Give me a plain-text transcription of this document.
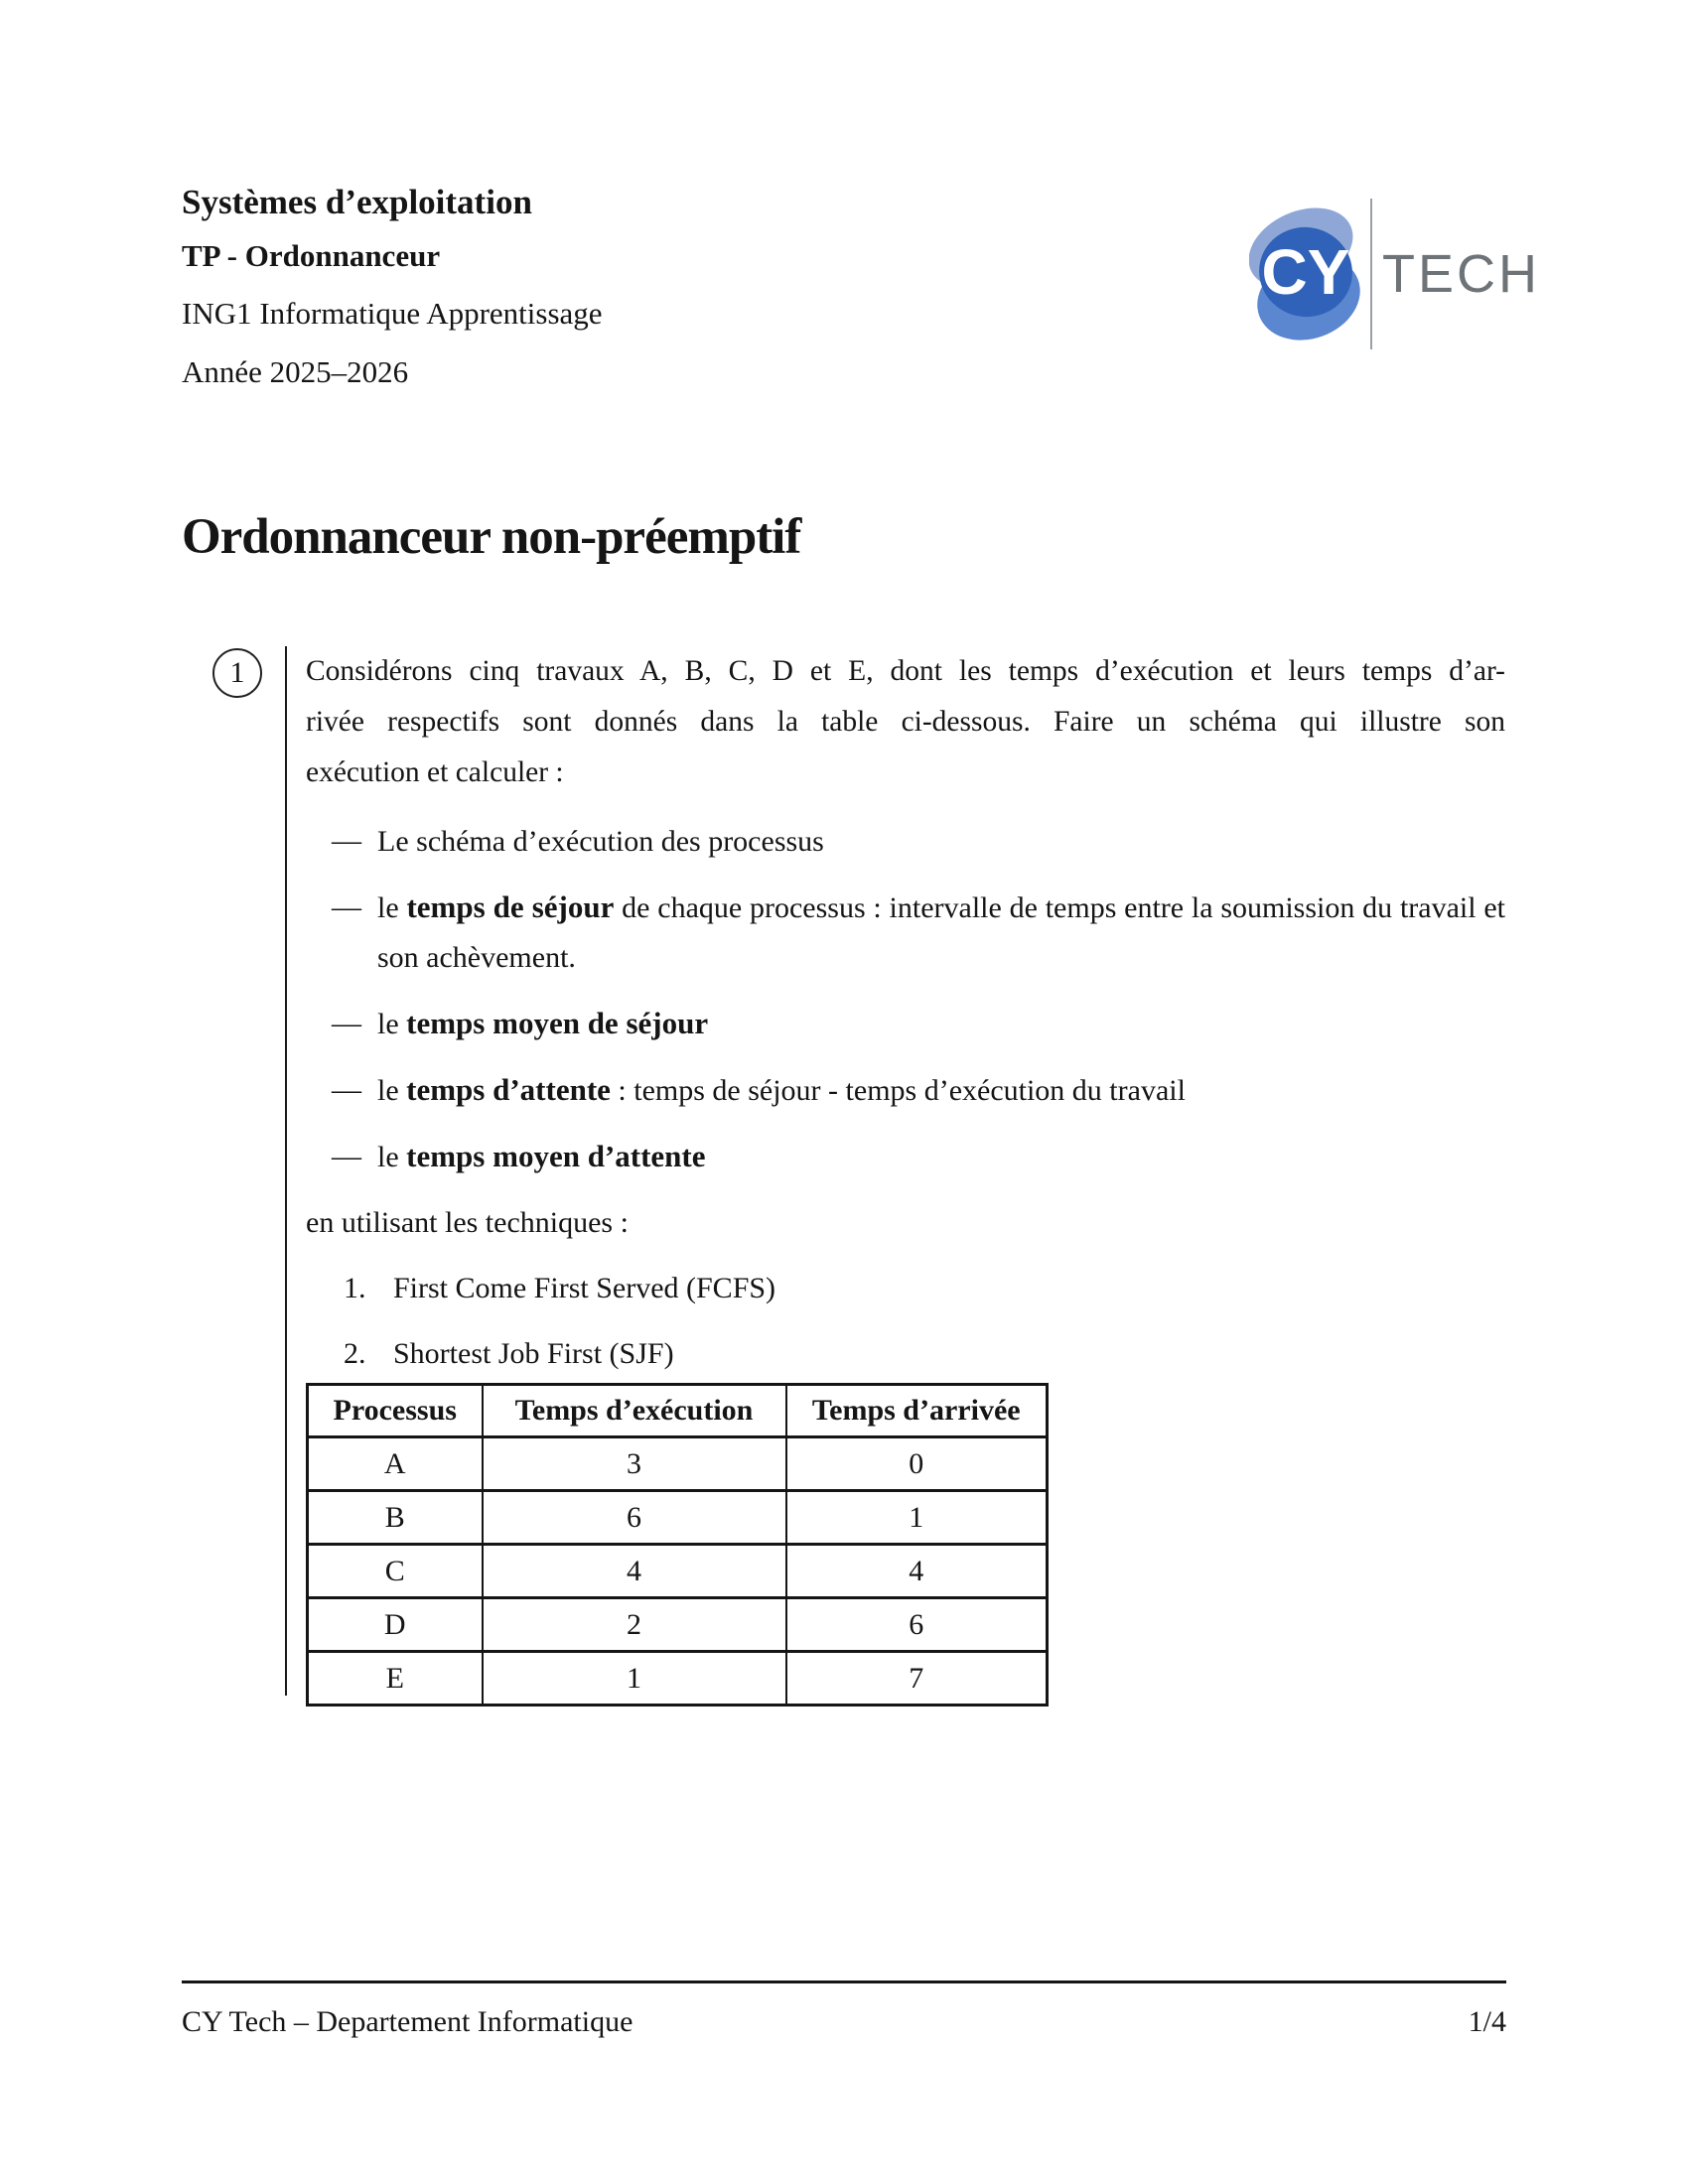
Systèmes d’exploitation
TP - Ordonnanceur
ING1 Informatique Apprentissage
Année 2025–2026
CY TECH
Ordonnanceur non-préemptif
1	Considérons cinq travaux A, B, C, D et E, dont les temps d’exécution et leurs temps d’ar-
rivée respectifs sont donnés dans la table ci-dessous. Faire un schéma qui illustre son
exécution et calculer :
— Le schéma d’exécution des processus
— le temps de séjour de chaque processus : intervalle de temps entre la soumission du travail et son achèvement.
— le temps moyen de séjour
— le temps d’attente : temps de séjour - temps d’exécution du travail
— le temps moyen d’attente
en utilisant les techniques :
1. First Come First Served (FCFS)
2. Shortest Job First (SJF)
Processus	Temps d’exécution	Temps d’arrivée
A	3	0
B	6	1
C	4	4
D	2	6
E	1	7
CY Tech – Departement Informatique	1/4
